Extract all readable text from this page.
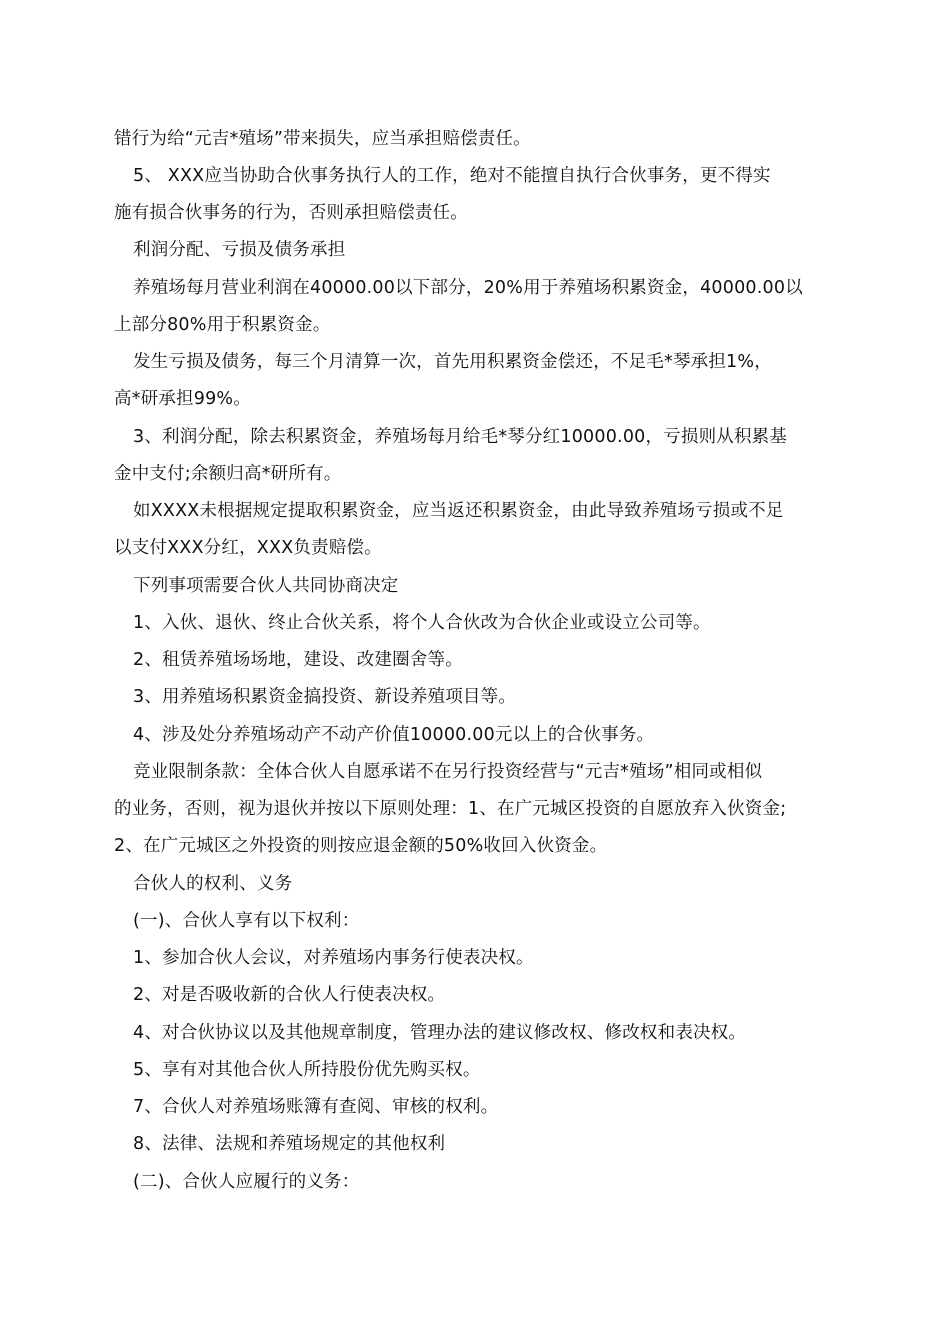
错行为给“元吉*殖场”带来损失，应当承担赔偿责任。
5、 XXX应当协助合伙事务执行人的工作，绝对不能擅自执行合伙事务，更不得实
施有损合伙事务的行为，否则承担赔偿责任。
利润分配、亏损及债务承担
养殖场每月营业利润在40000.00以下部分，20%用于养殖场积累资金，40000.00以
上部分80%用于积累资金。
发生亏损及债务，每三个月清算一次，首先用积累资金偿还，不足毛*琴承担1%，
高*研承担99%。
3、利润分配，除去积累资金，养殖场每月给毛*琴分红10000.00，亏损则从积累基
金中支付;余额归高*研所有。
如XXXX未根据规定提取积累资金，应当返还积累资金，由此导致养殖场亏损或不足
以支付XXX分红，XXX负责赔偿。
下列事项需要合伙人共同协商决定
1、入伙、退伙、终止合伙关系，将个人合伙改为合伙企业或设立公司等。
2、租赁养殖场场地，建设、改建圈舍等。
3、用养殖场积累资金搞投资、新设养殖项目等。
4、涉及处分养殖场动产不动产价值10000.00元以上的合伙事务。
竞业限制条款：全体合伙人自愿承诺不在另行投资经营与“元吉*殖场”相同或相似
的业务，否则，视为退伙并按以下原则处理：1、在广元城区投资的自愿放弃入伙资金;
2、在广元城区之外投资的则按应退金额的50%收回入伙资金。
合伙人的权利、义务
(一)、合伙人享有以下权利：
1、参加合伙人会议，对养殖场内事务行使表决权。
2、对是否吸收新的合伙人行使表决权。
4、对合伙协议以及其他规章制度，管理办法的建议修改权、修改权和表决权。
5、享有对其他合伙人所持股份优先购买权。
7、合伙人对养殖场账簿有查阅、审核的权利。
8、法律、法规和养殖场规定的其他权利
(二)、合伙人应履行的义务：
